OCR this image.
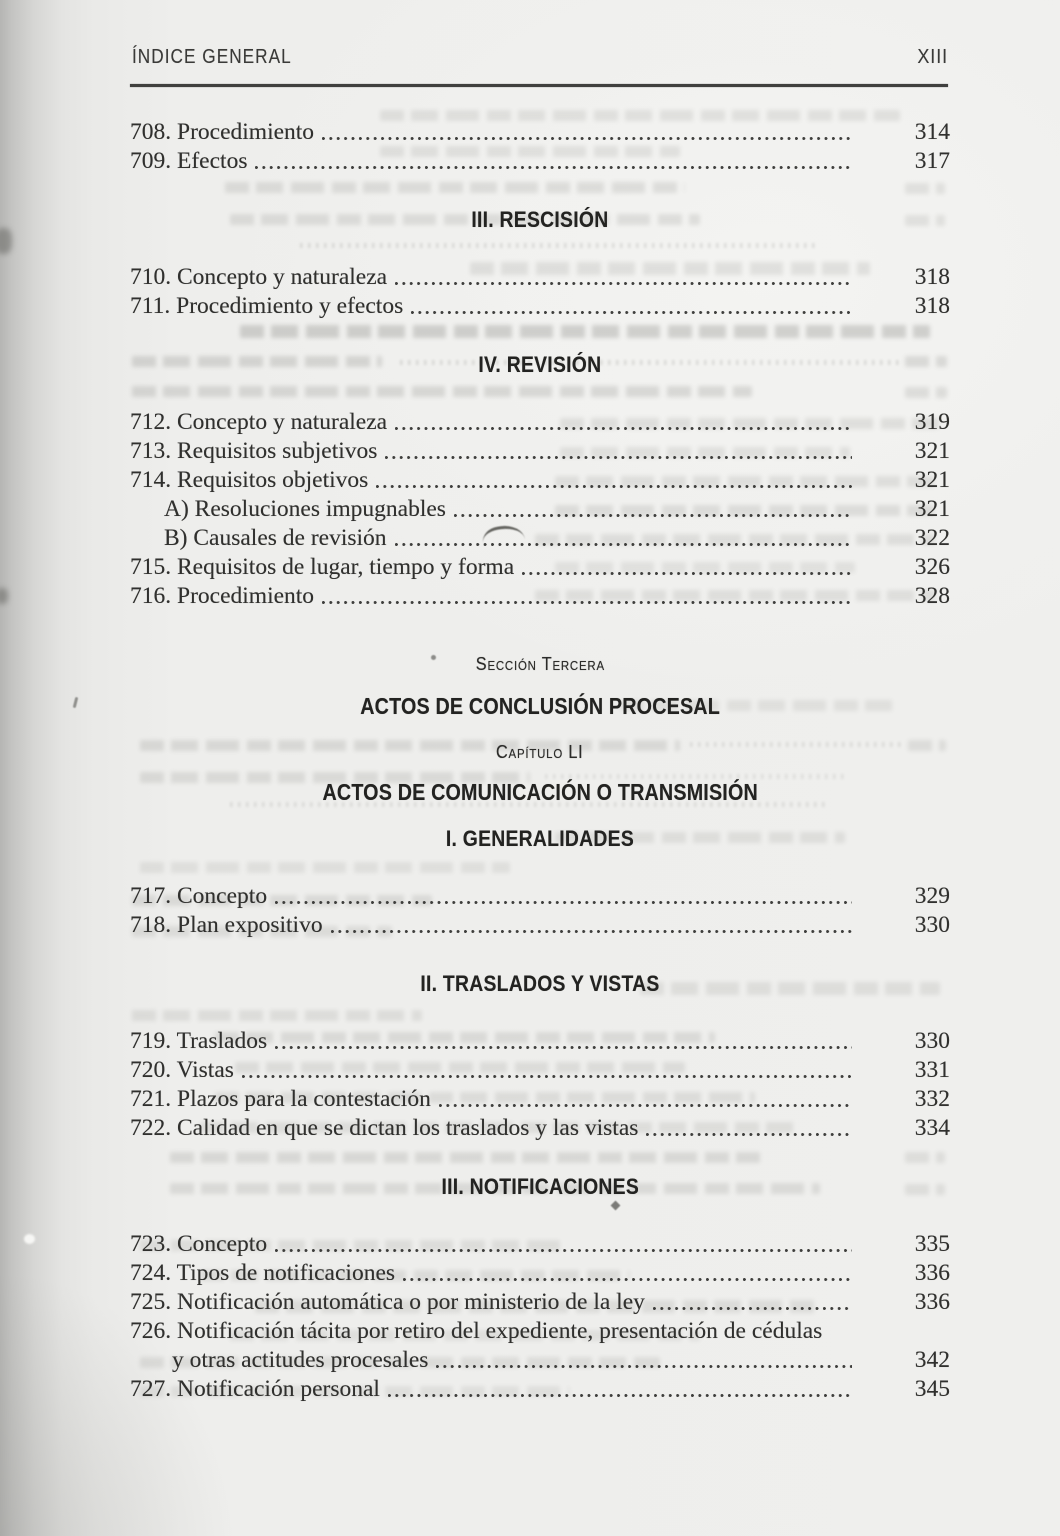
ÍNDICE GENERAL	XIII
708. Procedimiento	314
709. Efectos	317
III. RESCISIÓN
710. Concepto y naturaleza	318
711. Procedimiento y efectos	318
IV. REVISIÓN
712. Concepto y naturaleza	319
713. Requisitos subjetivos	321
714. Requisitos objetivos	321
A) Resoluciones impugnables	321
B) Causales de revisión	322
715. Requisitos de lugar, tiempo y forma	326
716. Procedimiento	328
Sección Tercera
ACTOS DE CONCLUSIÓN PROCESAL
Capítulo LI
ACTOS DE COMUNICACIÓN O TRANSMISIÓN
I. GENERALIDADES
717. Concepto	329
718. Plan expositivo	330
II. TRASLADOS Y VISTAS
719. Traslados	330
720. Vistas	331
721. Plazos para la contestación	332
722. Calidad en que se dictan los traslados y las vistas	334
III. NOTIFICACIONES
723. Concepto	335
724. Tipos de notificaciones	336
725. Notificación automática o por ministerio de la ley	336
726. Notificación tácita por retiro del expediente, presentación de cédulas
y otras actitudes procesales	342
727. Notificación personal	345
